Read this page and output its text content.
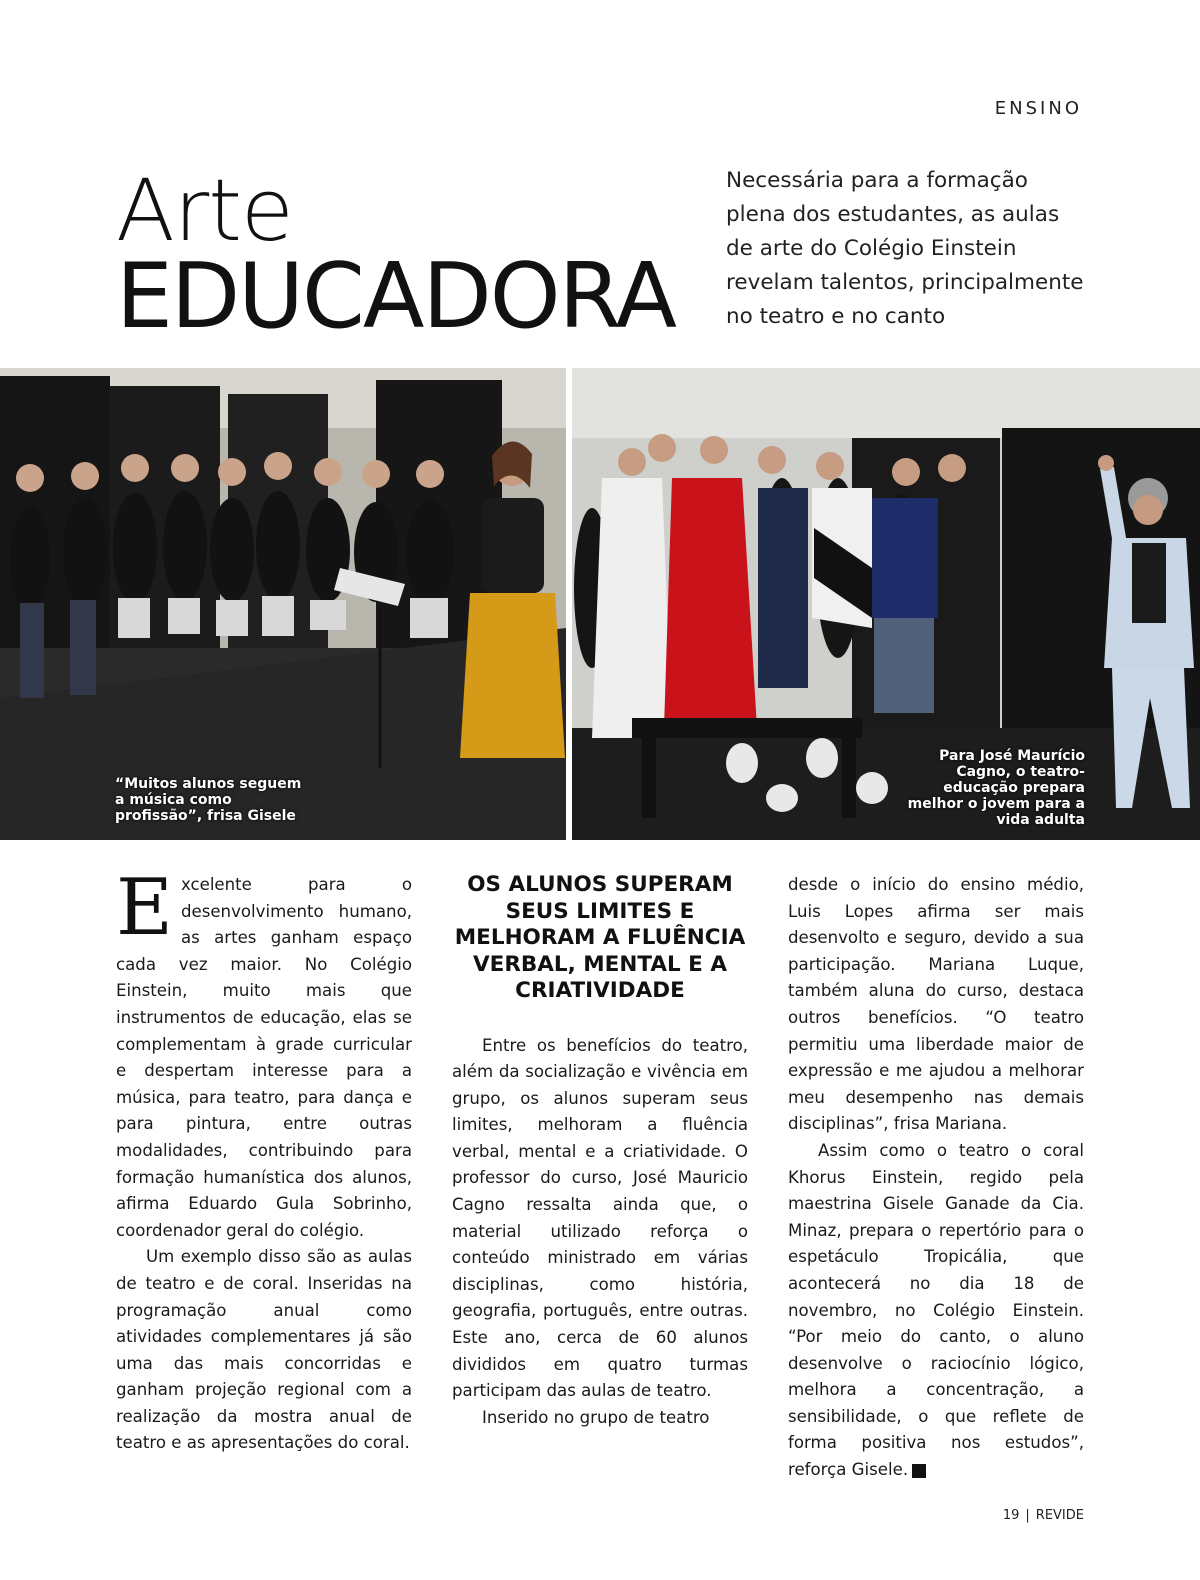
ENSINO
Arte
EDUCADORA
Necessária para a formação plena dos estudantes, as aulas de arte do Colégio Einstein revelam talentos, principalmente no teatro e no canto
“Muitos alunos seguem a música como profissão”, frisa Gisele
Para José Maurício Cagno, o teatro-educação prepara melhor o jovem para a vida adulta

Excelente para o desenvolvimento humano, as artes ganham espaço cada vez maior. No Colégio Einstein, muito mais que instrumentos de educação, elas se complementam à grade curricular e despertam interesse para a música, para teatro, para dança e para pintura, entre outras modalidades, contribuindo para formação humanística dos alunos, afirma Eduardo Gula Sobrinho, coordenador geral do colégio.

Um exemplo disso são as aulas de teatro e de coral. Inseridas na programação anual como atividades complementares já são uma das mais concorridas e ganham projeção regional com a realização da mostra anual de teatro e as apresentações do coral.

OS ALUNOS SUPERAM SEUS LIMITES E MELHORAM A FLUÊNCIA VERBAL, MENTAL E A CRIATIVIDADE

Entre os benefícios do teatro, além da socialização e vivência em grupo, os alunos superam seus limites, melhoram a fluência verbal, mental e a criatividade. O professor do curso, José Mauricio Cagno ressalta ainda que, o material utilizado reforça o conteúdo ministrado em várias disciplinas, como história, geografia, português, entre outras. Este ano, cerca de 60 alunos divididos em quatro turmas participam das aulas de teatro.

Inserido no grupo de teatro

desde o início do ensino médio, Luis Lopes afirma ser mais desenvolto e seguro, devido a sua participação. Mariana Luque, também aluna do curso, destaca outros benefícios. “O teatro permitiu uma liberdade maior de expressão e me ajudou a melhorar meu desempenho nas demais disciplinas”, frisa Mariana.

Assim como o teatro o coral Khorus Einstein, regido pela maestrina Gisele Ganade da Cia. Minaz, prepara o repertório para o espetáculo Tropicália, que acontecerá no dia 18 de novembro, no Colégio Einstein. “Por meio do canto, o aluno desenvolve o raciocínio lógico, melhora a concentração, a sensibilidade, o que reflete de forma positiva nos estudos”, reforça Gisele.	r

19 | REVIDE
